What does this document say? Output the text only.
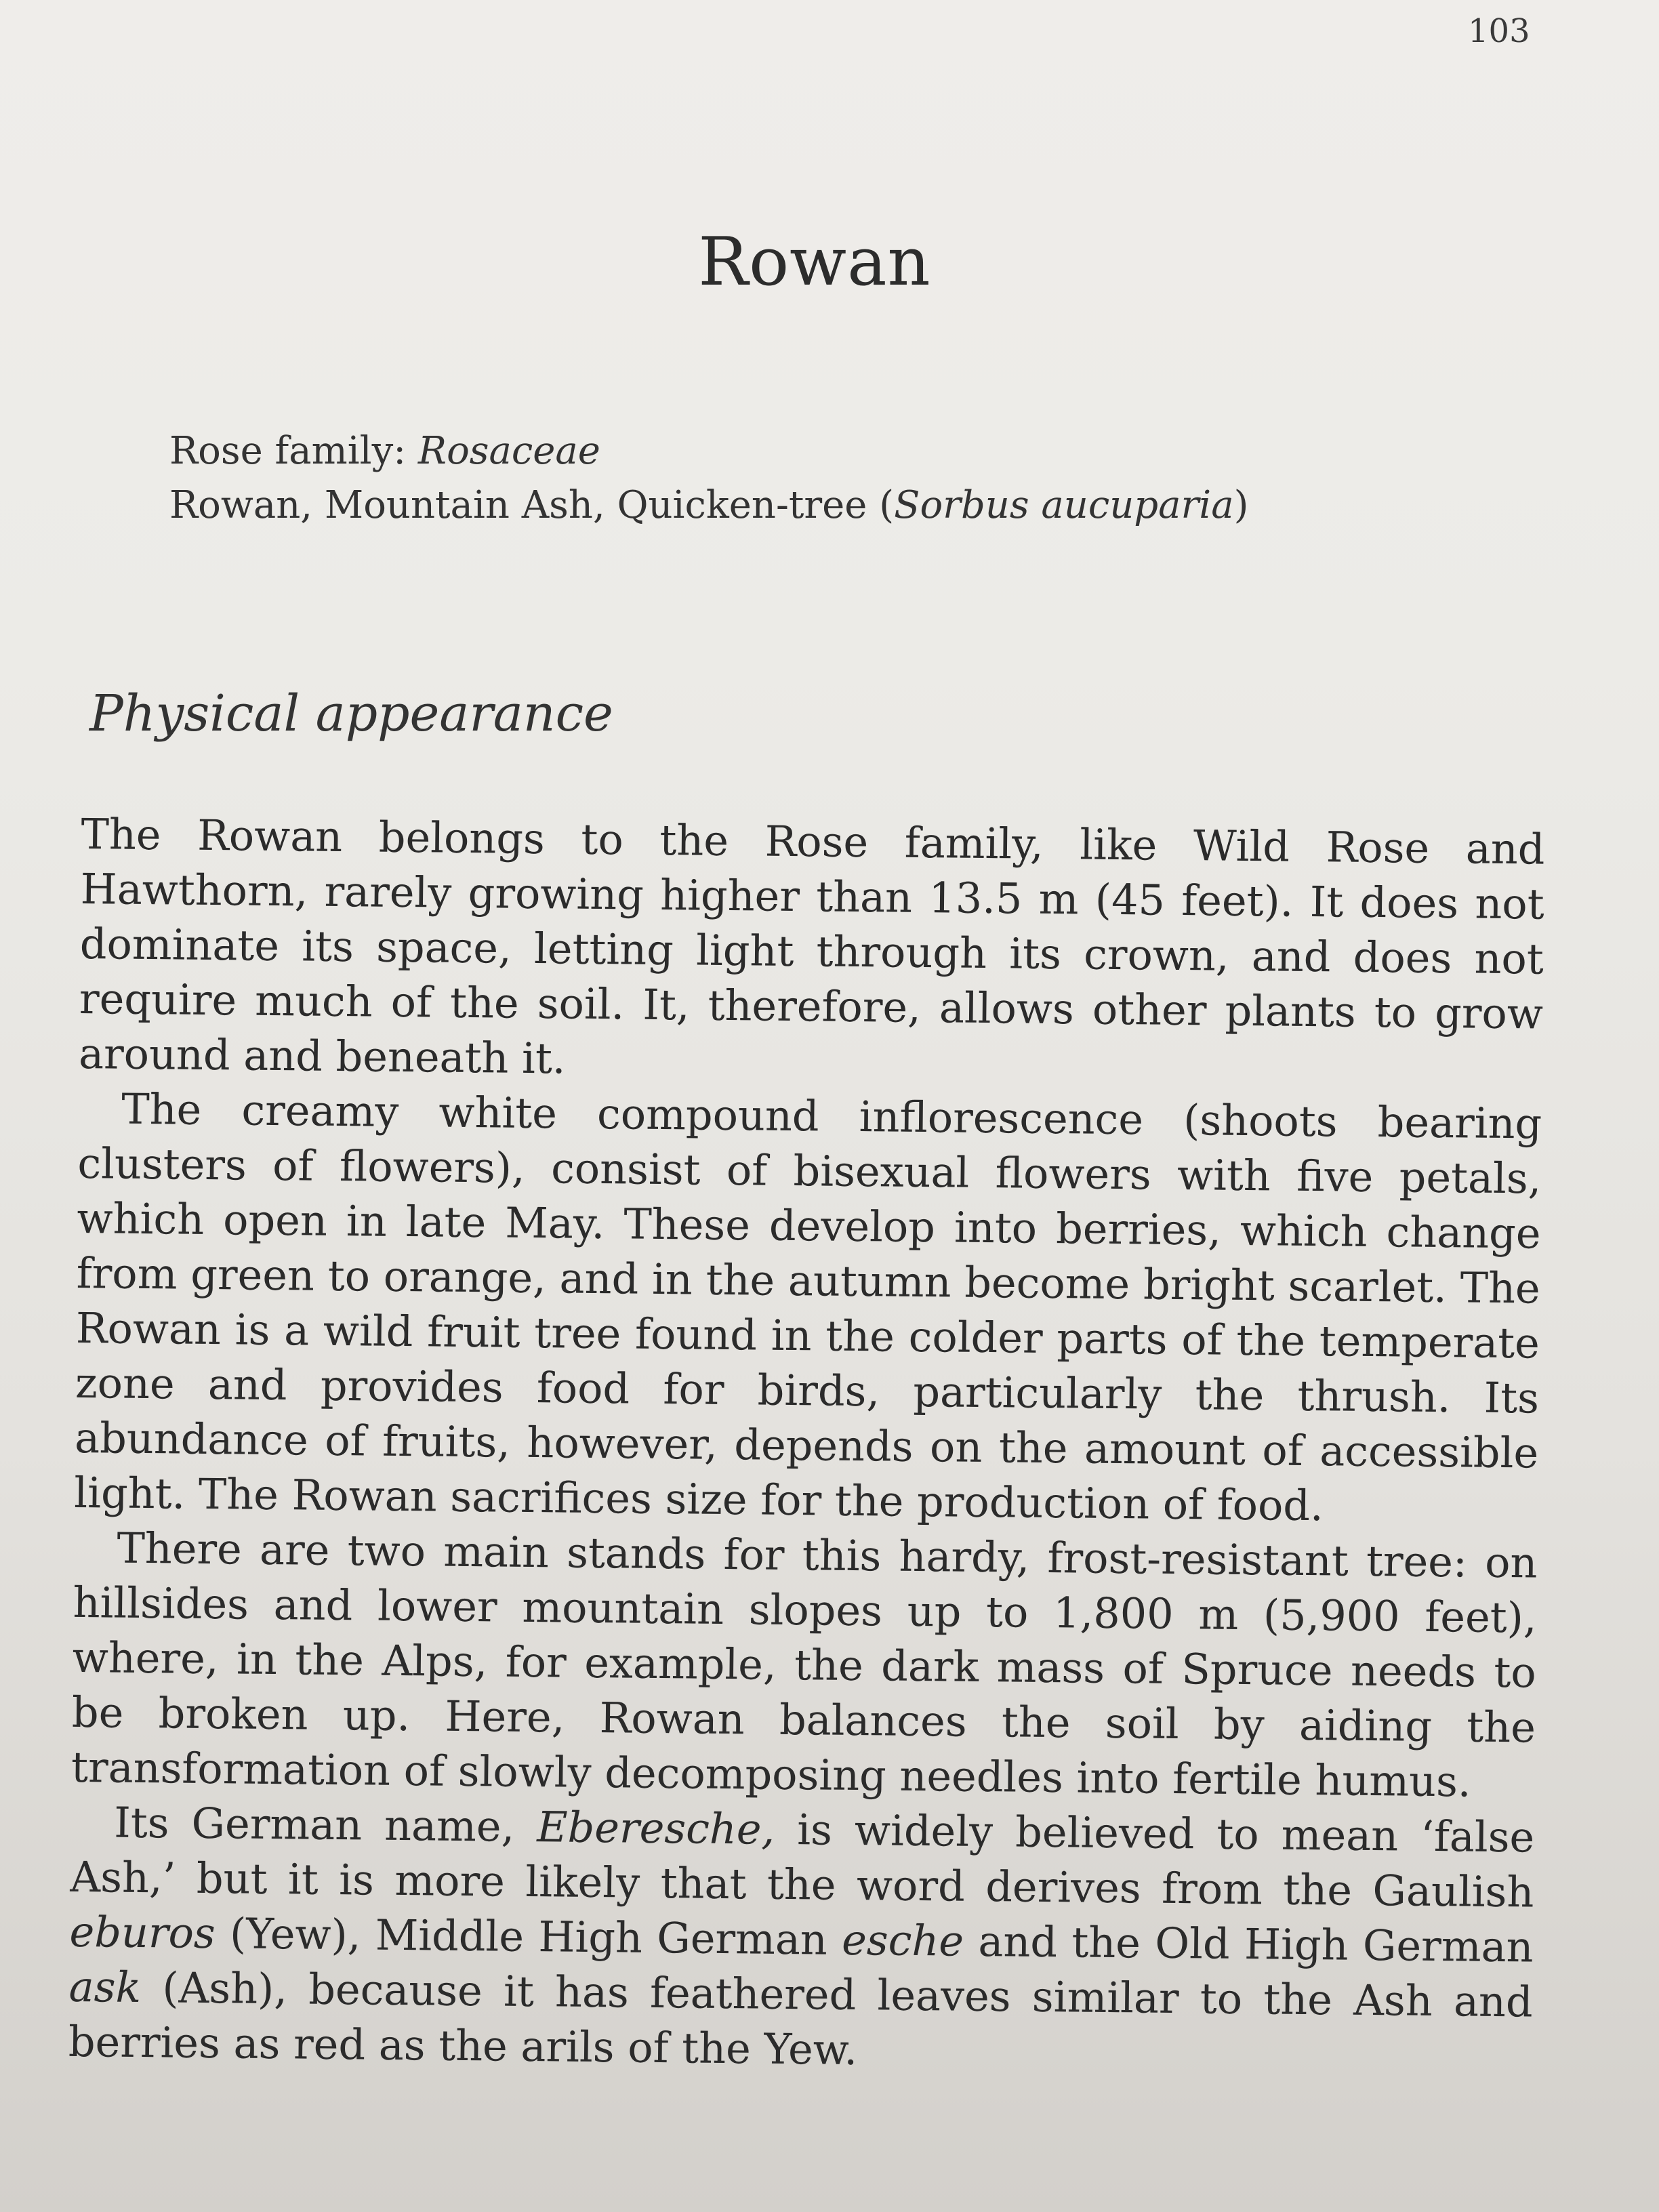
103
Rowan
Rose family: Rosaceae
Rowan, Mountain Ash, Quicken-tree (Sorbus aucuparia)
Physical appearance

The Rowan belongs to the Rose family, like Wild Rose and Hawthorn, rarely growing higher than 13.5 m (45 feet). It does not dominate its space, letting light through its crown, and does not require much of the soil. It, therefore, allows other plants to grow around and beneath it.

The creamy white compound inflorescence (shoots bearing clusters of flowers), consist of bisexual flowers with five petals, which open in late May. These develop into berries, which change from green to orange, and in the autumn become bright scarlet. The Rowan is a wild fruit tree found in the colder parts of the temperate zone and provides food for birds, particularly the thrush. Its abundance of fruits, however, depends on the amount of accessible light. The Rowan sacrifices size for the production of food.

There are two main stands for this hardy, frost-resistant tree: on hillsides and lower mountain slopes up to 1,800 m (5,900 feet), where, in the Alps, for example, the dark mass of Spruce needs to be broken up. Here, Rowan balances the soil by aiding the transformation of slowly decomposing needles into fertile humus.

Its German name, Eberesche, is widely believed to mean ‘false Ash,’ but it is more likely that the word derives from the Gaulish eburos (Yew), Middle High German esche and the Old High German ask (Ash), because it has feathered leaves similar to the Ash and berries as red as the arils of the Yew.
